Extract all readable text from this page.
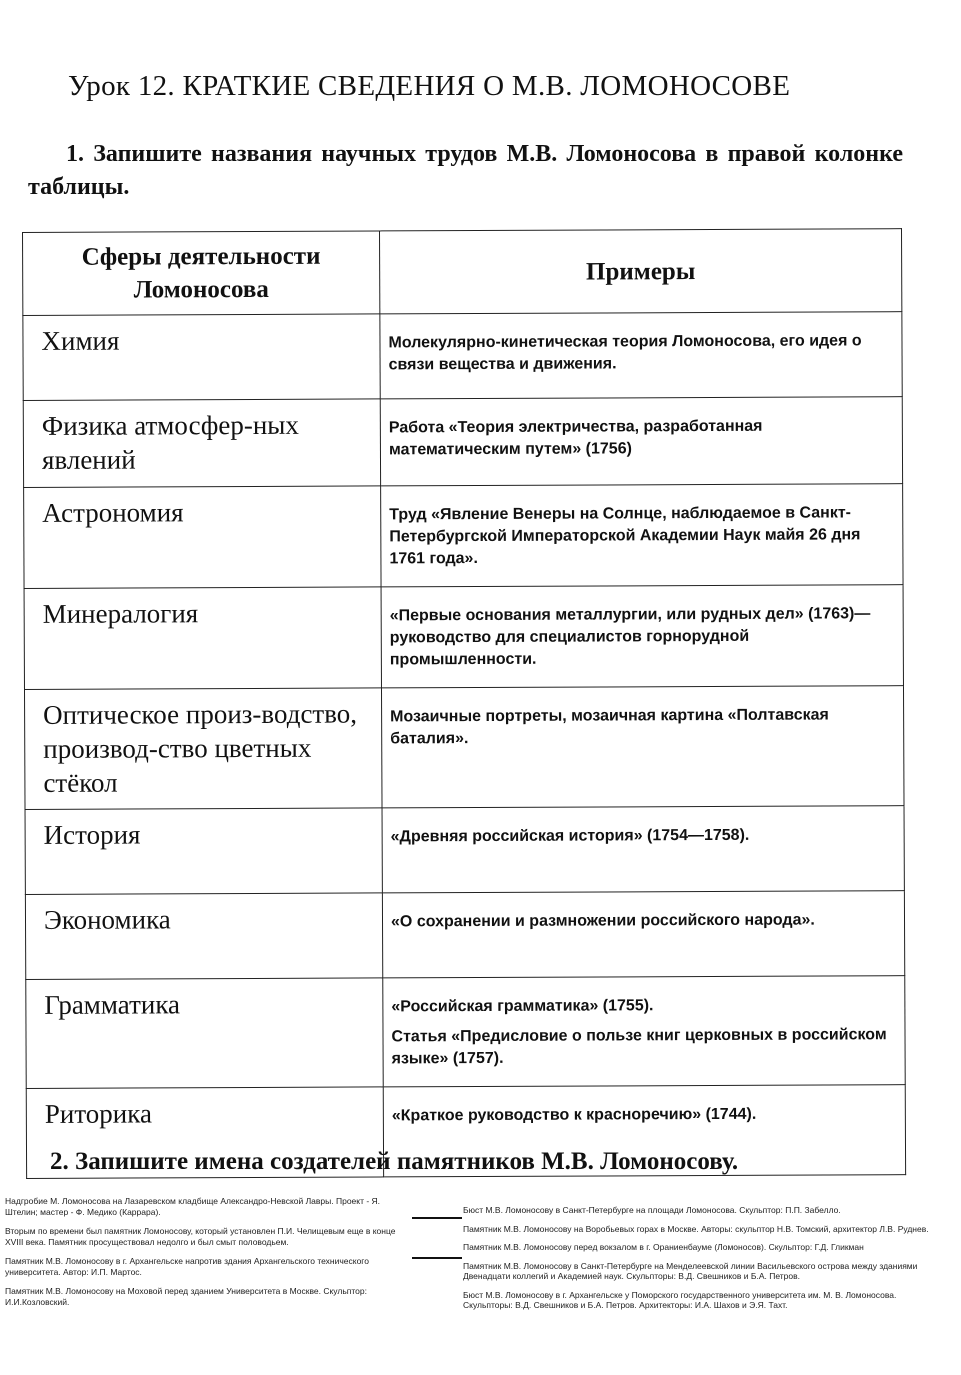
Урок 12. КРАТКИЕ СВЕДЕНИЯ О М.В. ЛОМОНОСОВЕ
1. Запишите названия научных трудов М.В. Ломоносова в правой колонке таблицы.
Сферы деятельности Ломоносова	Примеры
Химия	Молекулярно-кинетическая теория Ломоносова, его идея о связи вещества и движения.

Физика атмосфер-ных явлений	Работа «Теория электричества, разработанная математическим путем» (1756)

Астрономия	Труд «Явление Венеры на Солнце, наблюдаемое в Санкт-Петербургской Императорской Академии Наук майя 26 дня 1761 года».

Минералогия	«Первые основания металлургии, или рудных дел» (1763)— руководство для специалистов горнорудной промышленности.

Оптическое произ-водство, производ-ство цветных стёкол	Мозаичные портреты, мозаичная картина «Полтавская баталия».

История	«Древняя российская история» (1754—1758).

Экономика	«О сохранении и размножении российского народа».

Грамматика	«Российская грамматика» (1755).

Статья «Предисловие о пользе книг церковных в российском языке» (1757).

Риторика	«Краткое руководство к красноречию» (1744).

2. Запишите имена создателей памятников М.В. Ломоносову.

Надгробие М. Ломоносова на Лазаревском кладбище Александро-Невской Лавры. Проект - Я. Штелин; мастер - Ф. Медико (Каррара).

Вторым по времени был памятник Ломоносову, который установлен П.И. Челищевым еще в конце XVIII века. Памятник просуществовал недолго и был смыт половодьем.

Памятник М.В. Ломоносову в г. Архангельске напротив здания Архангельского технического университета. Автор: И.П. Мартос.

Памятник М.В. Ломоносову на Моховой перед зданием Университета в Москве. Скульптор: И.И.Козловский.

Бюст М.В. Ломоносову в Санкт-Петербурге на площади Ломоносова. Скульптор: П.П. Забелло.

Памятник М.В. Ломоносову на Воробьевых горах в Москве. Авторы: скульптор Н.В. Томский, архитектор Л.В. Руднев.

Памятник М.В. Ломоносову перед вокзалом в г. Ораниенбауме (Ломоносов). Скульптор: Г.Д. Гликман

Памятник М.В. Ломоносову в Санкт-Петербурге на Менделеевской линии Васильевского острова между зданиями Двенадцати коллегий и Академией наук. Скульпторы: В.Д. Свешников и Б.А. Петров.

Бюст М.В. Ломоносову в г. Архангельске у Поморского государственного университета им. М. В. Ломоносова. Скульпторы: В.Д. Свешников и Б.А. Петров. Архитекторы: И.А. Шахов и Э.Я. Тахт.
